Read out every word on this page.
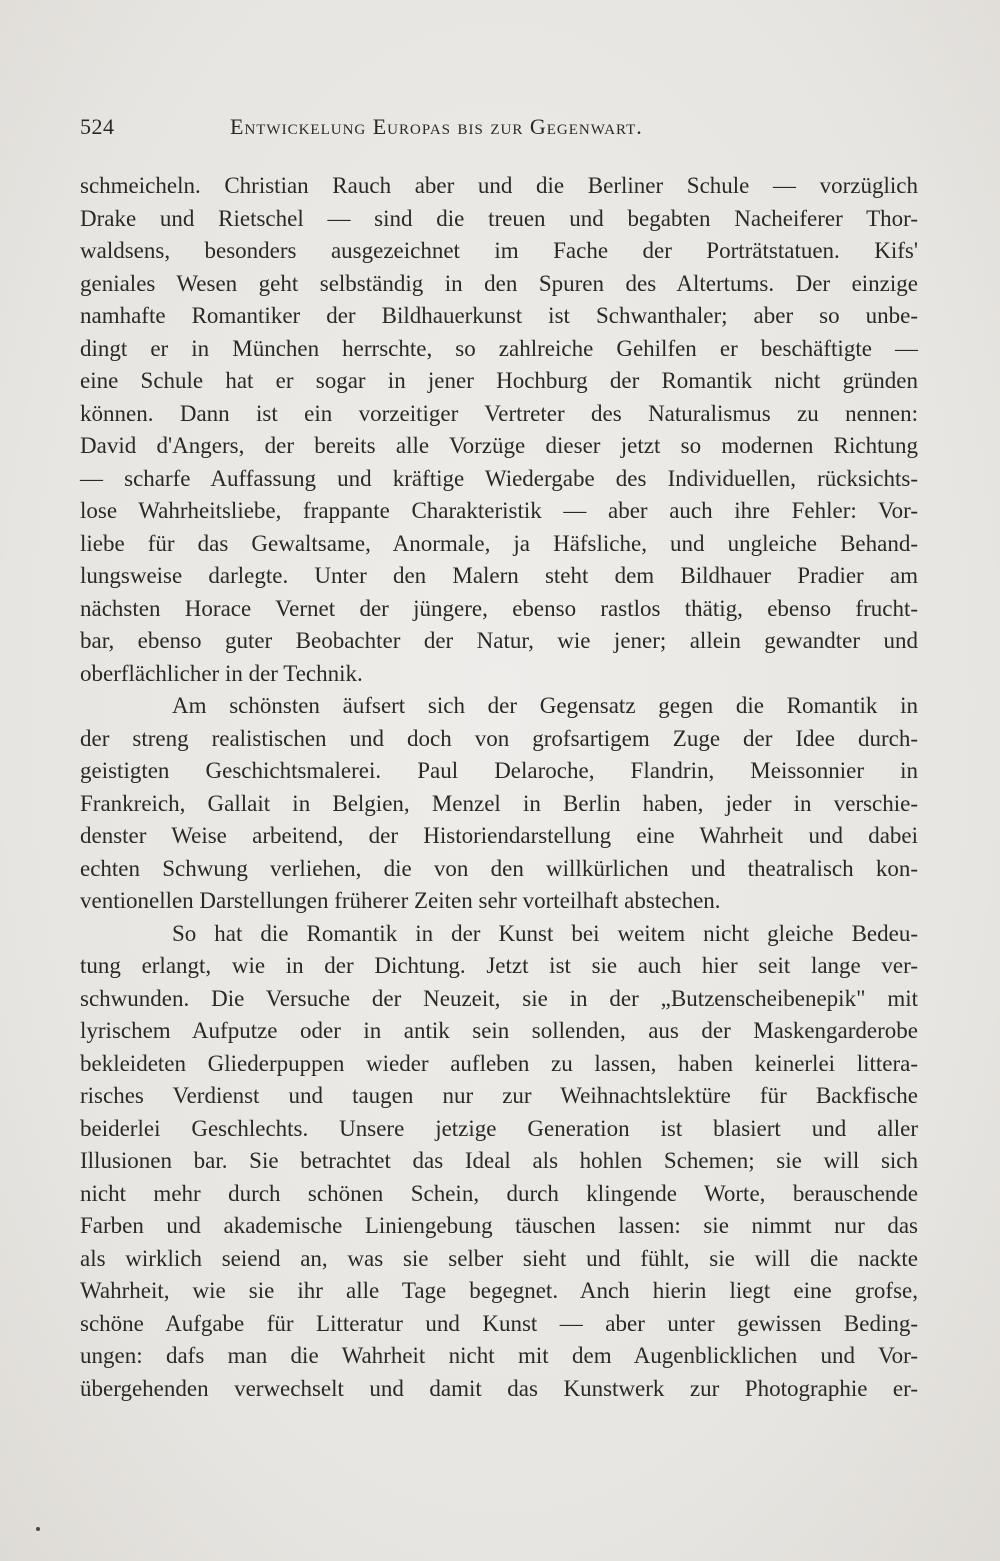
524	Entwickelung Europas bis zur Gegenwart.
schmeicheln. Christian Rauch aber und die Berliner Schule — vorzüglich
Drake und Rietschel — sind die treuen und begabten Nacheiferer Thor-
waldsens, besonders ausgezeichnet im Fache der Porträtstatuen. Kifs'
geniales Wesen geht selbständig in den Spuren des Altertums. Der einzige
namhafte Romantiker der Bildhauerkunst ist Schwanthaler; aber so unbe-
dingt er in München herrschte, so zahlreiche Gehilfen er beschäftigte —
eine Schule hat er sogar in jener Hochburg der Romantik nicht gründen
können. Dann ist ein vorzeitiger Vertreter des Naturalismus zu nennen:
David d'Angers, der bereits alle Vorzüge dieser jetzt so modernen Richtung
— scharfe Auffassung und kräftige Wiedergabe des Individuellen, rücksichts-
lose Wahrheitsliebe, frappante Charakteristik — aber auch ihre Fehler: Vor-
liebe für das Gewaltsame, Anormale, ja Häfsliche, und ungleiche Behand-
lungsweise darlegte. Unter den Malern steht dem Bildhauer Pradier am
nächsten Horace Vernet der jüngere, ebenso rastlos thätig, ebenso frucht-
bar, ebenso guter Beobachter der Natur, wie jener; allein gewandter und
oberflächlicher in der Technik.
Am schönsten äufsert sich der Gegensatz gegen die Romantik in
der streng realistischen und doch von grofsartigem Zuge der Idee durch-
geistigten Geschichtsmalerei. Paul Delaroche, Flandrin, Meissonnier in
Frankreich, Gallait in Belgien, Menzel in Berlin haben, jeder in verschie-
denster Weise arbeitend, der Historiendarstellung eine Wahrheit und dabei
echten Schwung verliehen, die von den willkürlichen und theatralisch kon-
ventionellen Darstellungen früherer Zeiten sehr vorteilhaft abstechen.
So hat die Romantik in der Kunst bei weitem nicht gleiche Bedeu-
tung erlangt, wie in der Dichtung. Jetzt ist sie auch hier seit lange ver-
schwunden. Die Versuche der Neuzeit, sie in der „Butzenscheibenepik" mit
lyrischem Aufputze oder in antik sein sollenden, aus der Maskengarderobe
bekleideten Gliederpuppen wieder aufleben zu lassen, haben keinerlei littera-
risches Verdienst und taugen nur zur Weihnachtslektüre für Backfische
beiderlei Geschlechts. Unsere jetzige Generation ist blasiert und aller
Illusionen bar. Sie betrachtet das Ideal als hohlen Schemen; sie will sich
nicht mehr durch schönen Schein, durch klingende Worte, berauschende
Farben und akademische Liniengebung täuschen lassen: sie nimmt nur das
als wirklich seiend an, was sie selber sieht und fühlt, sie will die nackte
Wahrheit, wie sie ihr alle Tage begegnet. Anch hierin liegt eine grofse,
schöne Aufgabe für Litteratur und Kunst — aber unter gewissen Beding-
ungen: dafs man die Wahrheit nicht mit dem Augenblicklichen und Vor-
übergehenden verwechselt und damit das Kunstwerk zur Photographie er-
